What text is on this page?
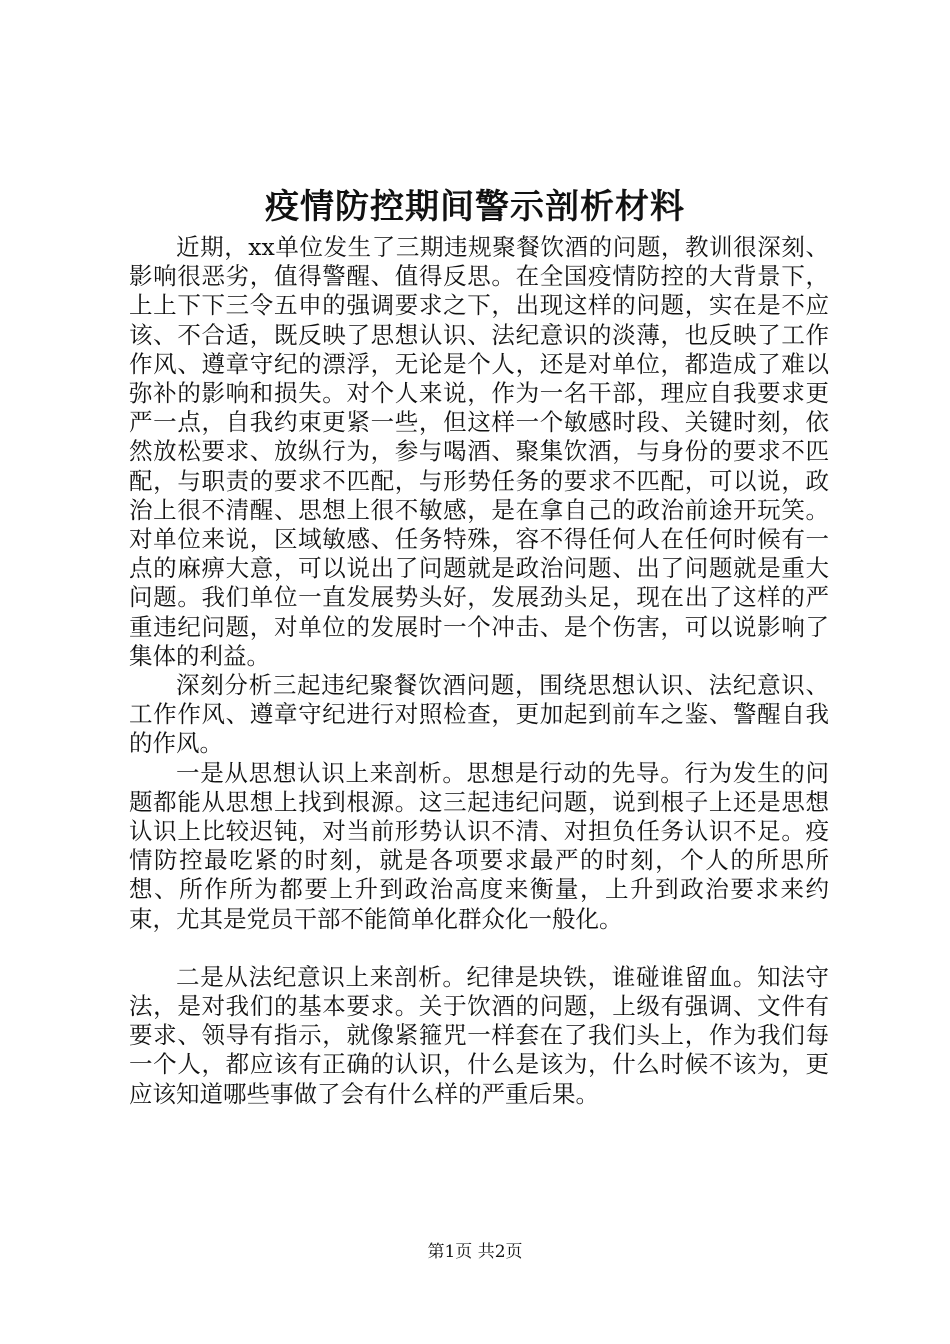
疫情防控期间警示剖析材料

近期，xx单位发生了三期违规聚餐饮酒的问题，教训很深刻、影响很恶劣，值得警醒、值得反思。在全国疫情防控的大背景下，上上下下三令五申的强调要求之下，出现这样的问题，实在是不应该、不合适，既反映了思想认识、法纪意识的淡薄，也反映了工作作风、遵章守纪的漂浮，无论是个人，还是对单位，都造成了难以弥补的影响和损失。对个人来说，作为一名干部，理应自我要求更严一点，自我约束更紧一些，但这样一个敏感时段、关键时刻，依然放松要求、放纵行为，参与喝酒、聚集饮酒，与身份的要求不匹配，与职责的要求不匹配，与形势任务的要求不匹配，可以说，政治上很不清醒、思想上很不敏感，是在拿自己的政治前途开玩笑。对单位来说，区域敏感、任务特殊，容不得任何人在任何时候有一点的麻痹大意，可以说出了问题就是政治问题、出了问题就是重大问题。我们单位一直发展势头好，发展劲头足，现在出了这样的严重违纪问题，对单位的发展时一个冲击、是个伤害，可以说影响了集体的利益。

深刻分析三起违纪聚餐饮酒问题，围绕思想认识、法纪意识、工作作风、遵章守纪进行对照检查，更加起到前车之鉴、警醒自我的作风。

一是从思想认识上来剖析。思想是行动的先导。行为发生的问题都能从思想上找到根源。这三起违纪问题，说到根子上还是思想认识上比较迟钝，对当前形势认识不清、对担负任务认识不足。疫情防控最吃紧的时刻，就是各项要求最严的时刻，个人的所思所想、所作所为都要上升到政治高度来衡量，上升到政治要求来约束，尤其是党员干部不能简单化群众化一般化。

二是从法纪意识上来剖析。纪律是块铁，谁碰谁留血。知法守法，是对我们的基本要求。关于饮酒的问题，上级有强调、文件有要求、领导有指示，就像紧箍咒一样套在了我们头上，作为我们每一个人，都应该有正确的认识，什么是该为，什么时候不该为，更应该知道哪些事做了会有什么样的严重后果。

第1页 共2页
